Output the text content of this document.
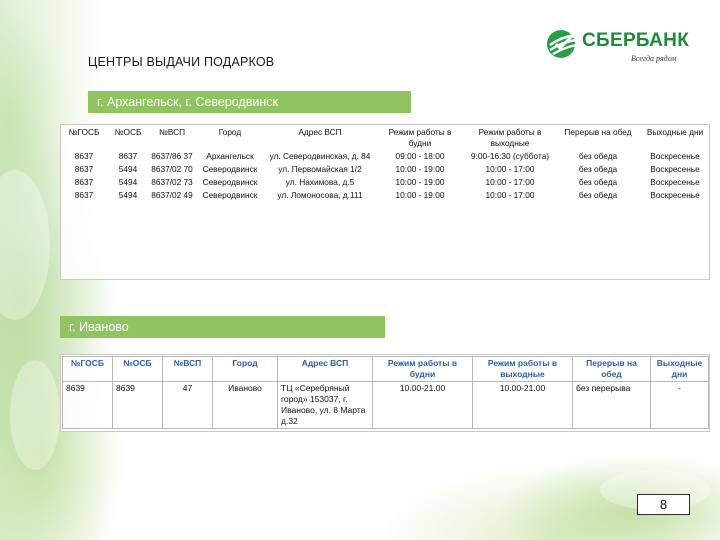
ЦЕНТРЫ ВЫДАЧИ ПОДАРКОВ
СБЕРБАНК
Всегда рядом
г. Архангельск, г. Северодвинск
№ГОСБ	№ОСБ	№ВСП	Город	Адрес ВСП	Режим работы в будни	Режим работы в выходные	Перерыв на обед	Выходные дни
8637	8637	8637/86 37	Архангельск	ул. Северодвинская, д. 84	09:00 - 18:00	9:00-16:30 (суббота)	без обеда	Воскресенье
8637	5494	8637/02 70	Северодвинск	ул. Первомайская 1/2	10:00 - 19:00	10:00 - 17:00	без обеда	Воскресенье
8637	5494	8637/02 73	Северодвинск	ул. Нахимова, д.5	10:00 - 19:00	10:00 - 17:00	без обеда	Воскресенье
8637	5494	8637/02 49	Северодвинск	ул. Ломоносова, д.111	10:00 - 19:00	10:00 - 17:00	без обеда	Воскресенье
г. Иваново
№ГОСБ	№ОСБ	№ВСП	Город	Адрес ВСП	Режим работы в будни	Режим работы в выходные	Перерыв на обед	Выходные дни
8639	8639	47	Иваново	ТЦ «Серебряный город» 153037, г. Иваново, ул. 8 Марта д.32	10.00-21.00	10.00-21.00	без перерыва	-
8
